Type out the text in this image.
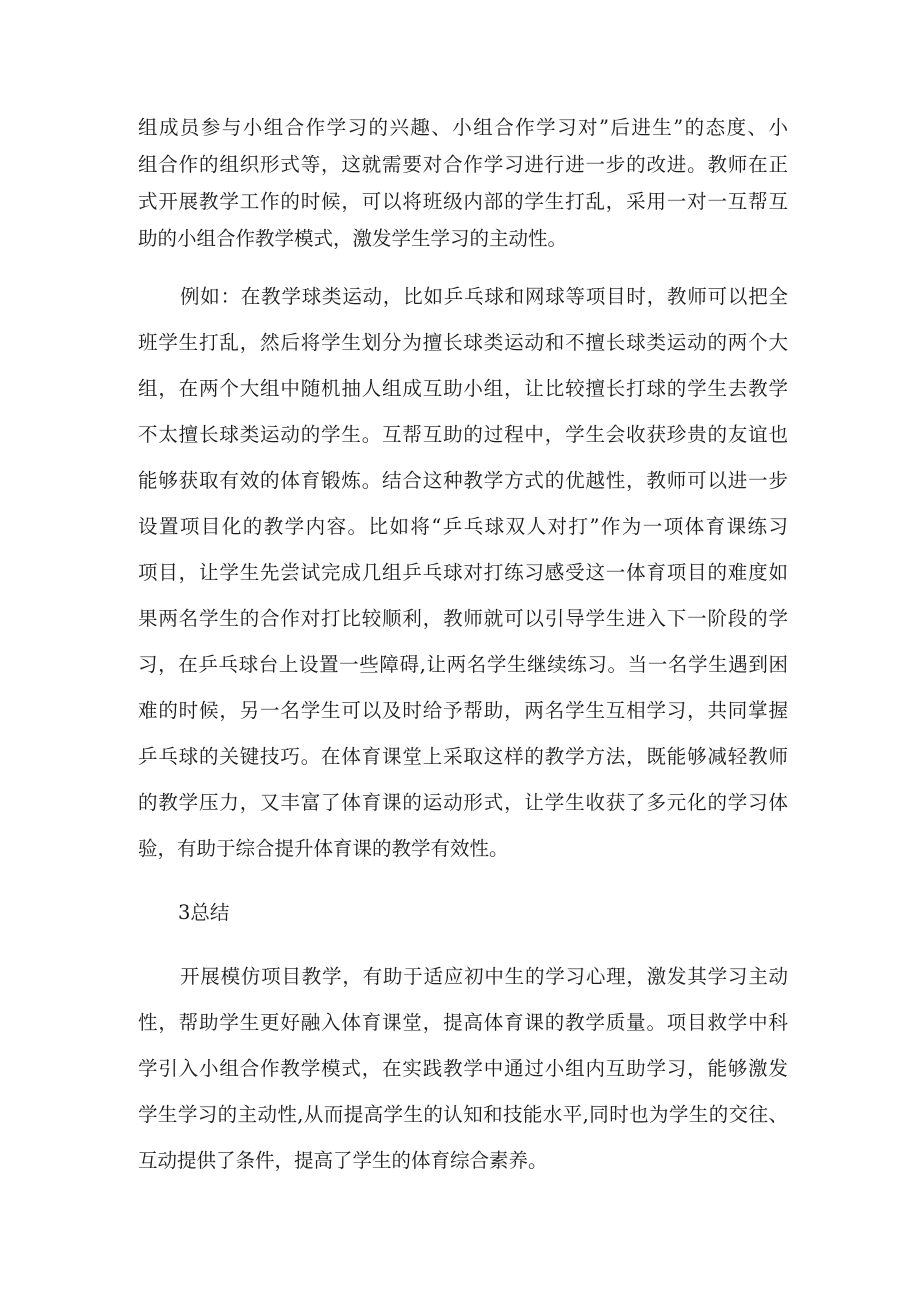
组成员参与小组合作学习的兴趣、小组合作学习对”后进生”的态度、小
组合作的组织形式等，这就需要对合作学习进行进一步的改进。教师在正
式开展教学工作的时候，可以将班级内部的学生打乱，采用一对一互帮互
助的小组合作教学模式，激发学生学习的主动性。
例如：在教学球类运动，比如乒乓球和网球等项目时，教师可以把全
班学生打乱，然后将学生划分为擅长球类运动和不擅长球类运动的两个大
组，在两个大组中随机抽人组成互助小组，让比较擅长打球的学生去教学
不太擅长球类运动的学生。互帮互助的过程中，学生会收获珍贵的友谊也
能够获取有效的体育锻炼。结合这种教学方式的优越性，教师可以进一步
设置项目化的教学内容。比如将“乒乓球双人对打”作为一项体育课练习
项目，让学生先尝试完成几组乒乓球对打练习感受这一体育项目的难度如
果两名学生的合作对打比较顺利，教师就可以引导学生进入下一阶段的学
习，在乒乓球台上设置一些障碍,让两名学生继续练习。当一名学生遇到困
难的时候，另一名学生可以及时给予帮助，两名学生互相学习，共同掌握
乒乓球的关键技巧。在体育课堂上采取这样的教学方法，既能够减轻教师
的教学压力，又丰富了体育课的运动形式，让学生收获了多元化的学习体
验，有助于综合提升体育课的教学有效性。
3总结
开展模仿项目教学，有助于适应初中生的学习心理，激发其学习主动
性，帮助学生更好融入体育课堂，提高体育课的教学质量。项目救学中科
学引入小组合作教学模式，在实践教学中通过小组内互助学习，能够激发
学生学习的主动性,从而提高学生的认知和技能水平,同时也为学生的交往、
互动提供了条件，提高了学生的体育综合素养。
